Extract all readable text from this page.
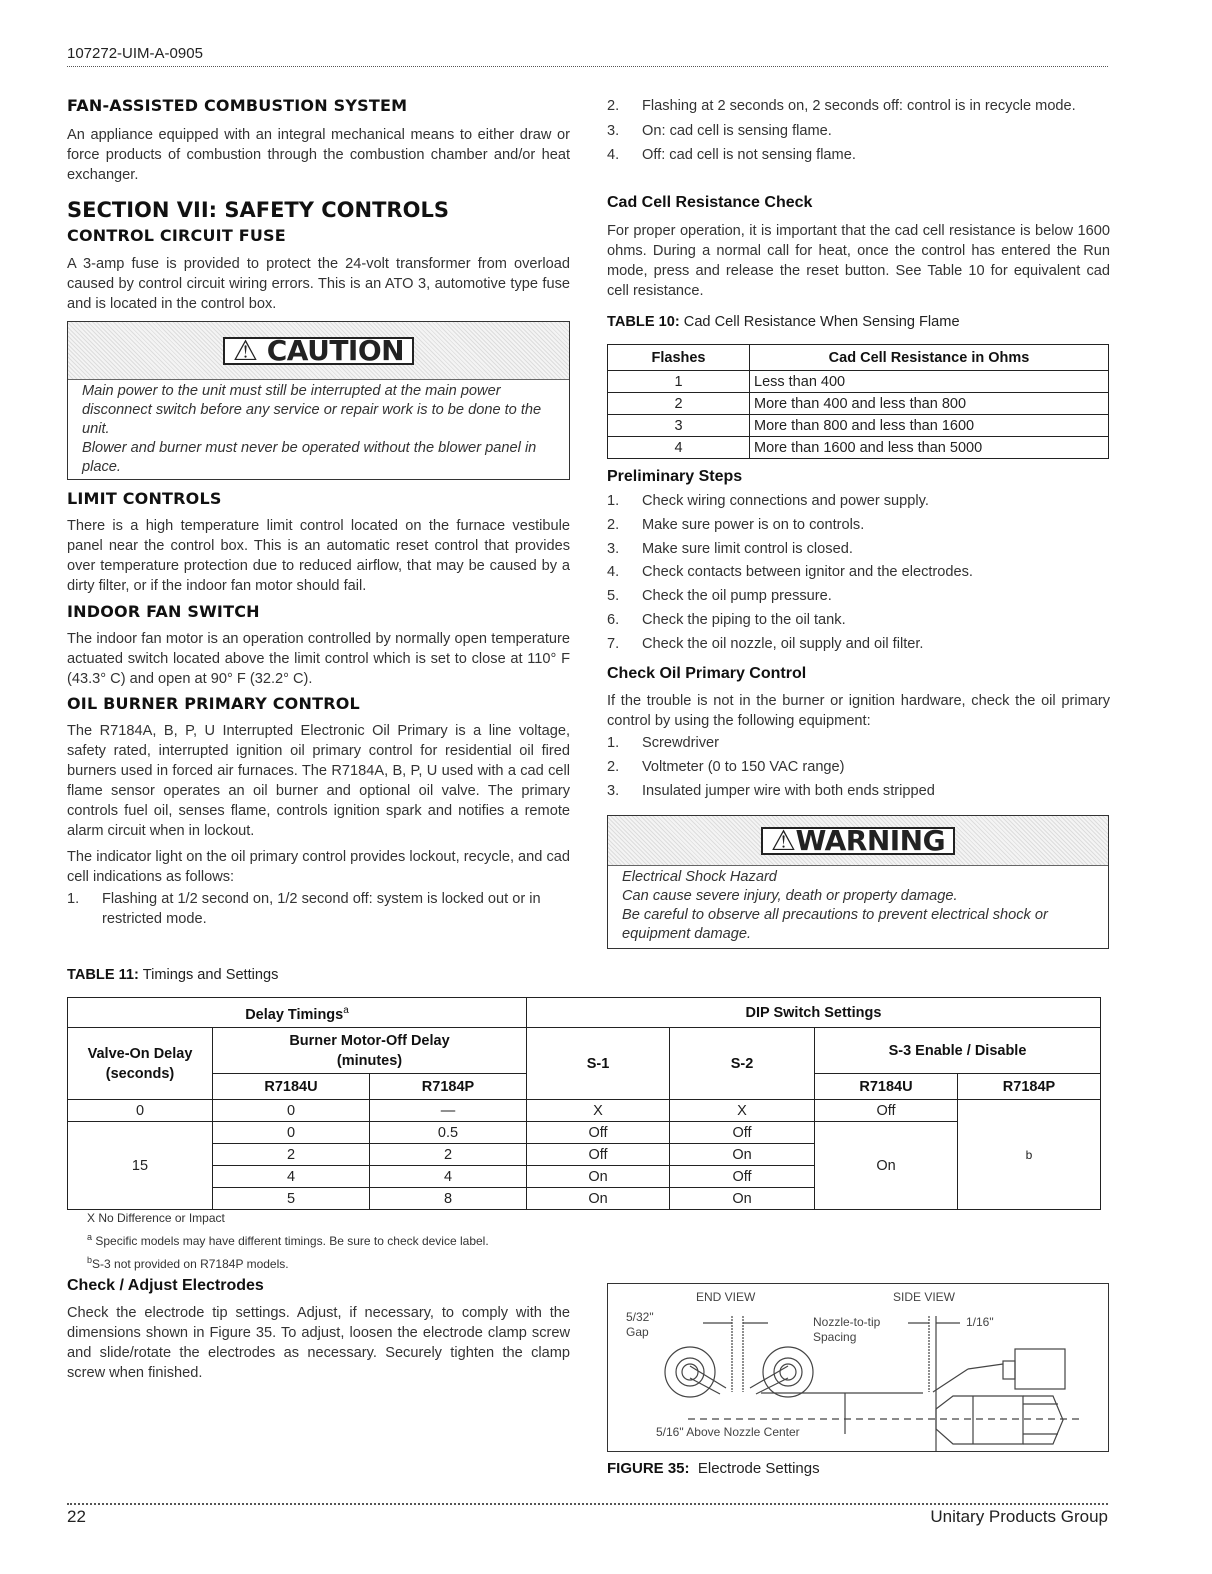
107272-UIM-A-0905
FAN-ASSISTED COMBUSTION SYSTEM

An appliance equipped with an integral mechanical means to either draw or force products of combustion through the combustion chamber and/or heat exchanger.

SECTION VII: SAFETY CONTROLS
CONTROL CIRCUIT FUSE

A 3-amp fuse is provided to protect the 24-volt transformer from overload caused by control circuit wiring errors. This is an ATO 3, automotive type fuse and is located in the control box.

⚠ CAUTION
Main power to the unit must still be interrupted at the main power disconnect switch before any service or repair work is to be done to the unit.
Blower and burner must never be operated without the blower panel in place.
LIMIT CONTROLS

There is a high temperature limit control located on the furnace vestibule panel near the control box. This is an automatic reset control that provides over temperature protection due to reduced airflow, that may be caused by a dirty filter, or if the indoor fan motor should fail.

INDOOR FAN SWITCH

The indoor fan motor is an operation controlled by normally open temperature actuated switch located above the limit control which is set to close at 110° F (43.3° C) and open at 90° F (32.2° C).

OIL BURNER PRIMARY CONTROL

The R7184A, B, P, U Interrupted Electronic Oil Primary is a line voltage, safety rated, interrupted ignition oil primary control for residential oil fired burners used in forced air furnaces. The R7184A, B, P, U used with a cad cell flame sensor operates an oil burner and optional oil valve. The primary controls fuel oil, senses flame, controls ignition spark and notifies a remote alarm circuit when in lockout.

The indicator light on the oil primary control provides lockout, recycle, and cad cell indications as follows:

1.	Flashing at 1/2 second on, 1/2 second off: system is locked out or in restricted mode.
2.	Flashing at 2 seconds on, 2 seconds off: control is in recycle mode.
3.	On: cad cell is sensing flame.
4.	Off: cad cell is not sensing flame.
Cad Cell Resistance Check

For proper operation, it is important that the cad cell resistance is below 1600 ohms. During a normal call for heat, once the control has entered the Run mode, press and release the reset button. See Table 10 for equivalent cad cell resistance.

TABLE 10: Cad Cell Resistance When Sensing Flame
Flashes	Cad Cell Resistance in Ohms
1	Less than 400
2	More than 400 and less than 800
3	More than 800 and less than 1600
4	More than 1600 and less than 5000
Preliminary Steps
1.	Check wiring connections and power supply.
2.	Make sure power is on to controls.
3.	Make sure limit control is closed.
4.	Check contacts between ignitor and the electrodes.
5.	Check the oil pump pressure.
6.	Check the piping to the oil tank.
7.	Check the oil nozzle, oil supply and oil filter.
Check Oil Primary Control

If the trouble is not in the burner or ignition hardware, check the oil primary control by using the following equipment:

1.	Screwdriver
2.	Voltmeter (0 to 150 VAC range)
3.	Insulated jumper wire with both ends stripped
⚠WARNING
Electrical Shock Hazard
Can cause severe injury, death or property damage.
Be careful to observe all precautions to prevent electrical shock or equipment damage.
TABLE 11: Timings and Settings
Delay Timings$^a$			DIP Switch Settings			
Valve-On Delay (seconds)	Burner Motor-Off Delay (minutes)		S-1	S-2	S-3 Enable / Disable	
	R7184U	R7184P			R7184U	R7184P
0	0	—	X	X	Off	b
15	0	0.5	Off	Off	On	
	2	2	Off	On		
	4	4	On	Off		
	5	8	On	On		
X No Difference or Impact
$^a$ Specific models may have different timings. Be sure to check device label.
$^b$S-3 not provided on R7184P models.
Check / Adjust Electrodes

Check the electrode tip settings. Adjust, if necessary, to comply with the dimensions shown in Figure 35. To adjust, loosen the electrode clamp screw and slide/rotate the electrodes as necessary. Securely tighten the clamp screw when finished.

END VIEW	SIDE VIEW
5/32"
Gap
Nozzle-to-tip
Spacing
1/16"
5/16" Above Nozzle Center
FIGURE 35: Electrode Settings
22	Unitary Products Group
